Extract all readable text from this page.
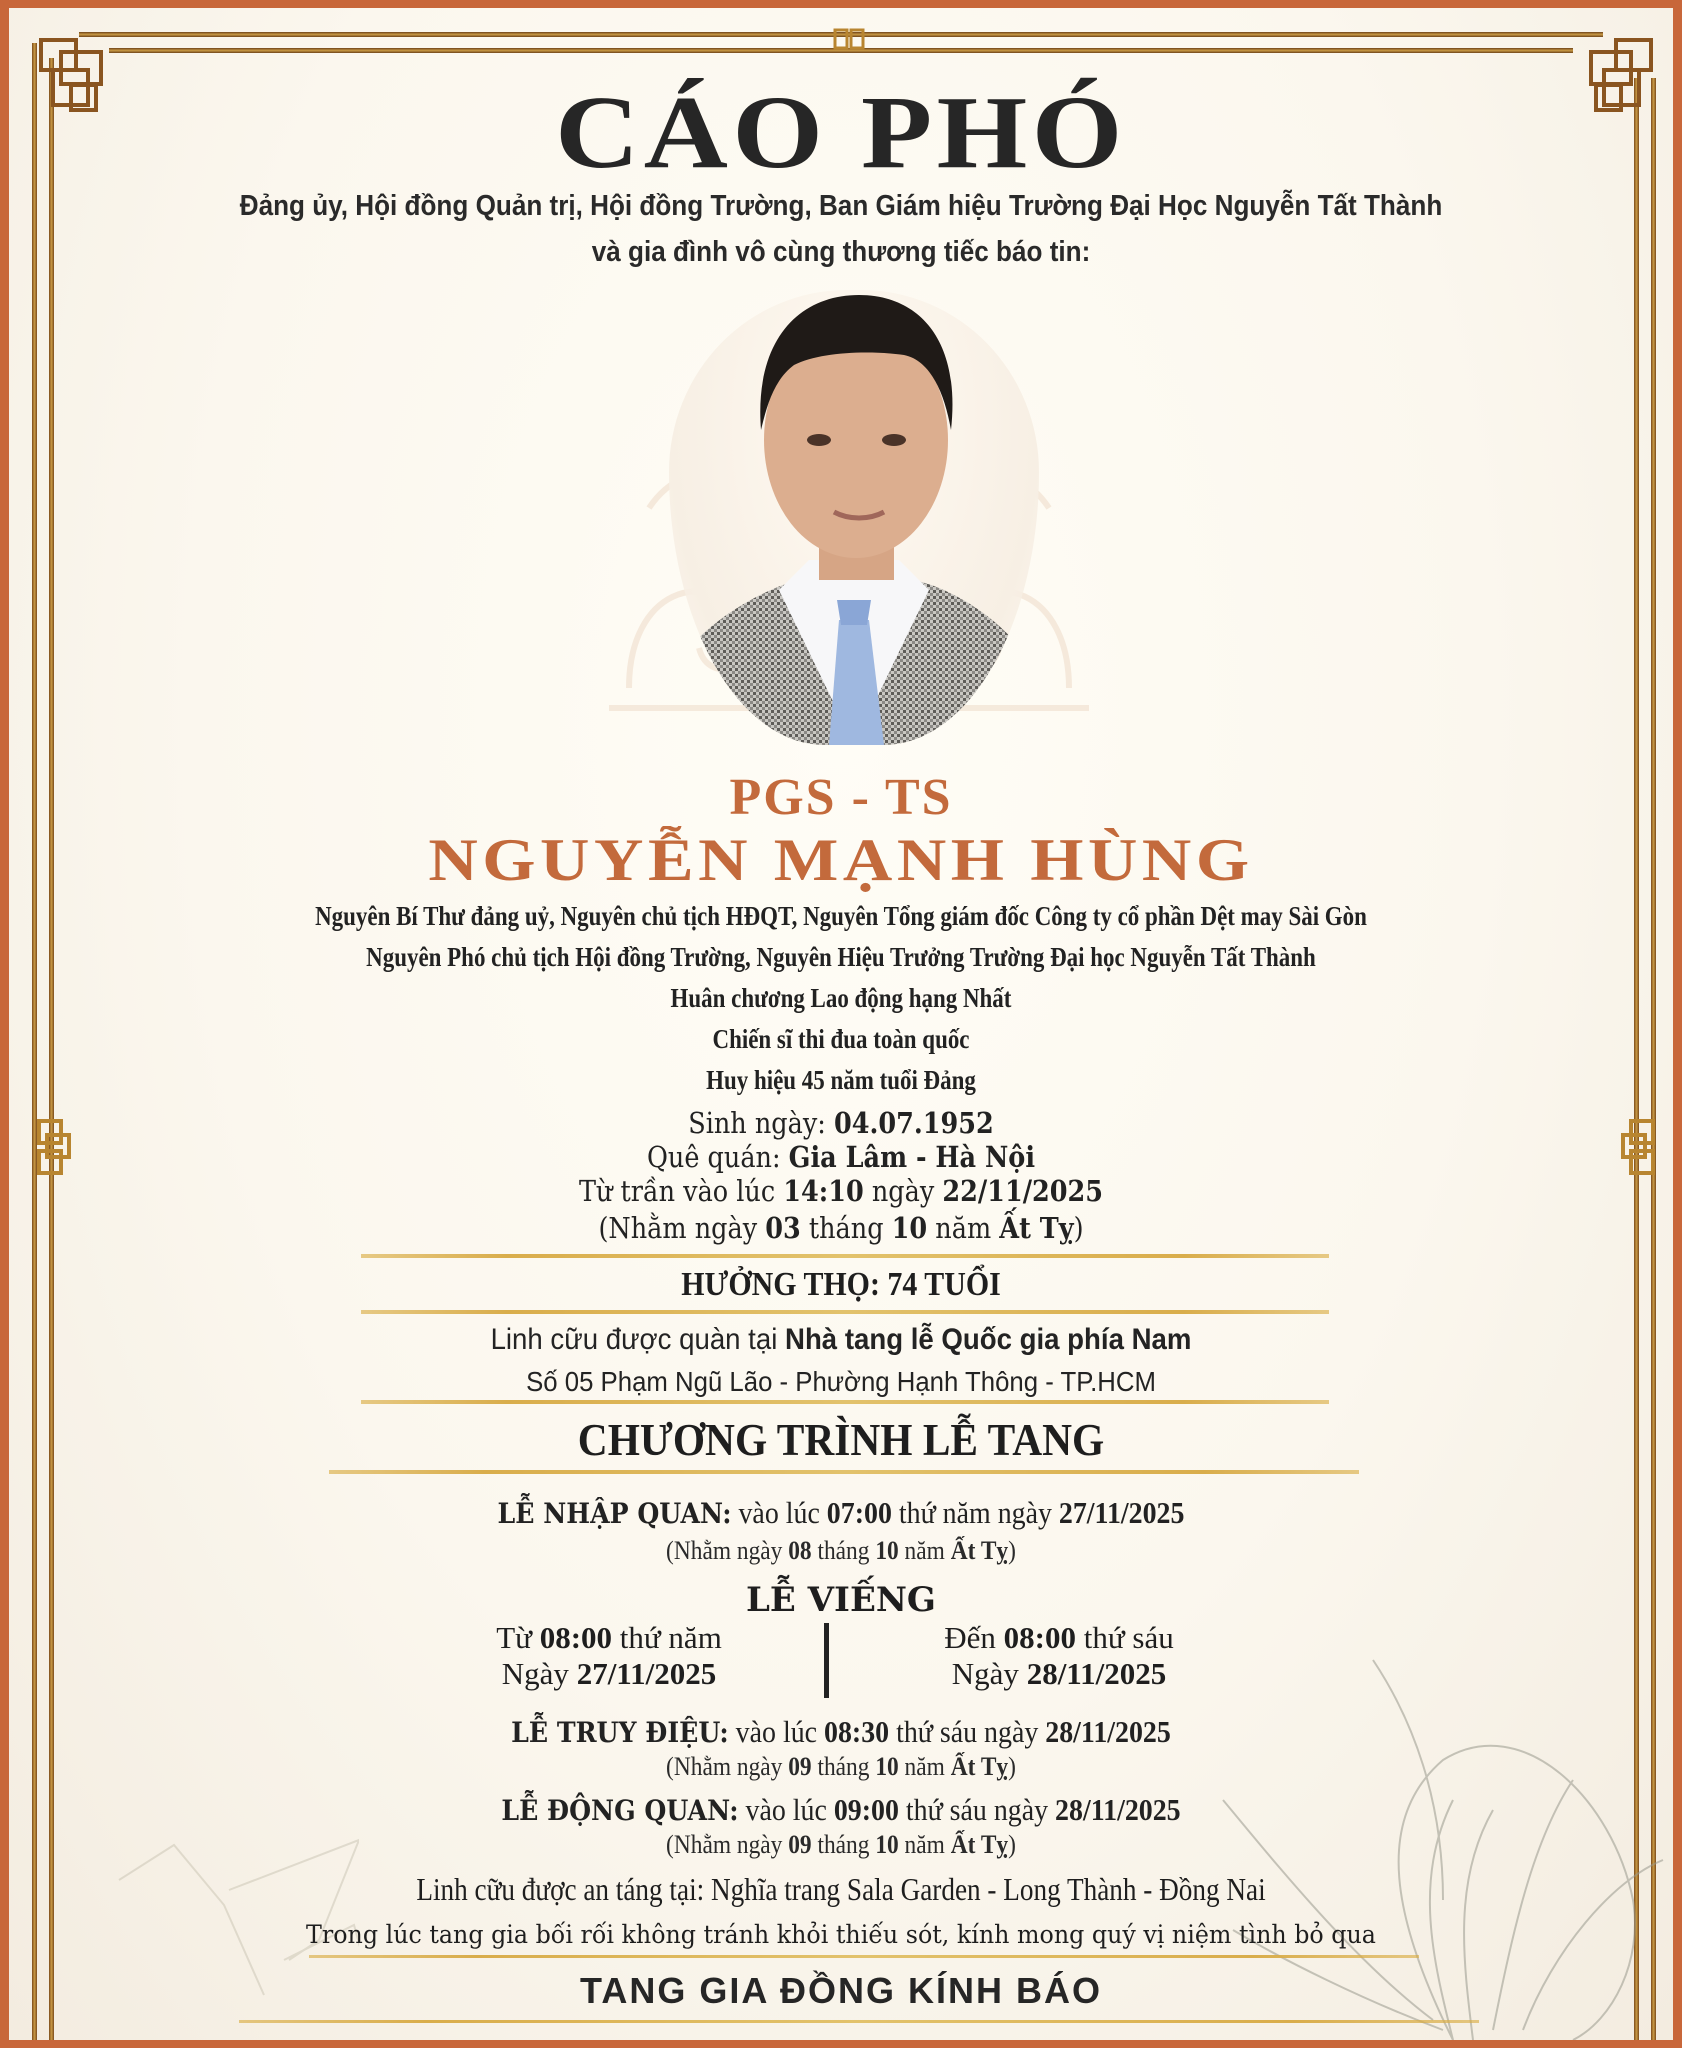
CÁO PHÓ
Đảng ủy, Hội đồng Quản trị, Hội đồng Trường, Ban Giám hiệu Trường Đại Học Nguyễn Tất Thành
và gia đình vô cùng thương tiếc báo tin:
PGS - TS
NGUYỄN MẠNH HÙNG
Nguyên Bí Thư đảng uỷ, Nguyên chủ tịch HĐQT, Nguyên Tổng giám đốc Công ty cổ phần Dệt may Sài Gòn
Nguyên Phó chủ tịch Hội đồng Trường, Nguyên Hiệu Trưởng Trường Đại học Nguyễn Tất Thành
Huân chương Lao động hạng Nhất
Chiến sĩ thi đua toàn quốc
Huy hiệu 45 năm tuổi Đảng
Sinh ngày: 04.07.1952
Quê quán: Gia Lâm - Hà Nội
Từ trần vào lúc 14:10 ngày 22/11/2025
(Nhằm ngày 03 tháng 10 năm Ất Tỵ)
HƯỞNG THỌ: 74 TUỔI
Linh cữu được quàn tại Nhà tang lễ Quốc gia phía Nam
Số 05 Phạm Ngũ Lão - Phường Hạnh Thông - TP.HCM
CHƯƠNG TRÌNH LỄ TANG
LỄ NHẬP QUAN: vào lúc 07:00 thứ năm ngày 27/11/2025
(Nhằm ngày 08 tháng 10 năm Ất Tỵ)
LỄ VIẾNG
Từ 08:00 thứ năm
Ngày 27/11/2025
Đến 08:00 thứ sáu
Ngày 28/11/2025
LỄ TRUY ĐIỆU: vào lúc 08:30 thứ sáu ngày 28/11/2025
(Nhằm ngày 09 tháng 10 năm Ất Tỵ)
LỄ ĐỘNG QUAN: vào lúc 09:00 thứ sáu ngày 28/11/2025
(Nhằm ngày 09 tháng 10 năm Ất Tỵ)
Linh cữu được an táng tại: Nghĩa trang Sala Garden - Long Thành - Đồng Nai
Trong lúc tang gia bối rối không tránh khỏi thiếu sót, kính mong quý vị niệm tình bỏ qua
TANG GIA ĐỒNG KÍNH BÁO
